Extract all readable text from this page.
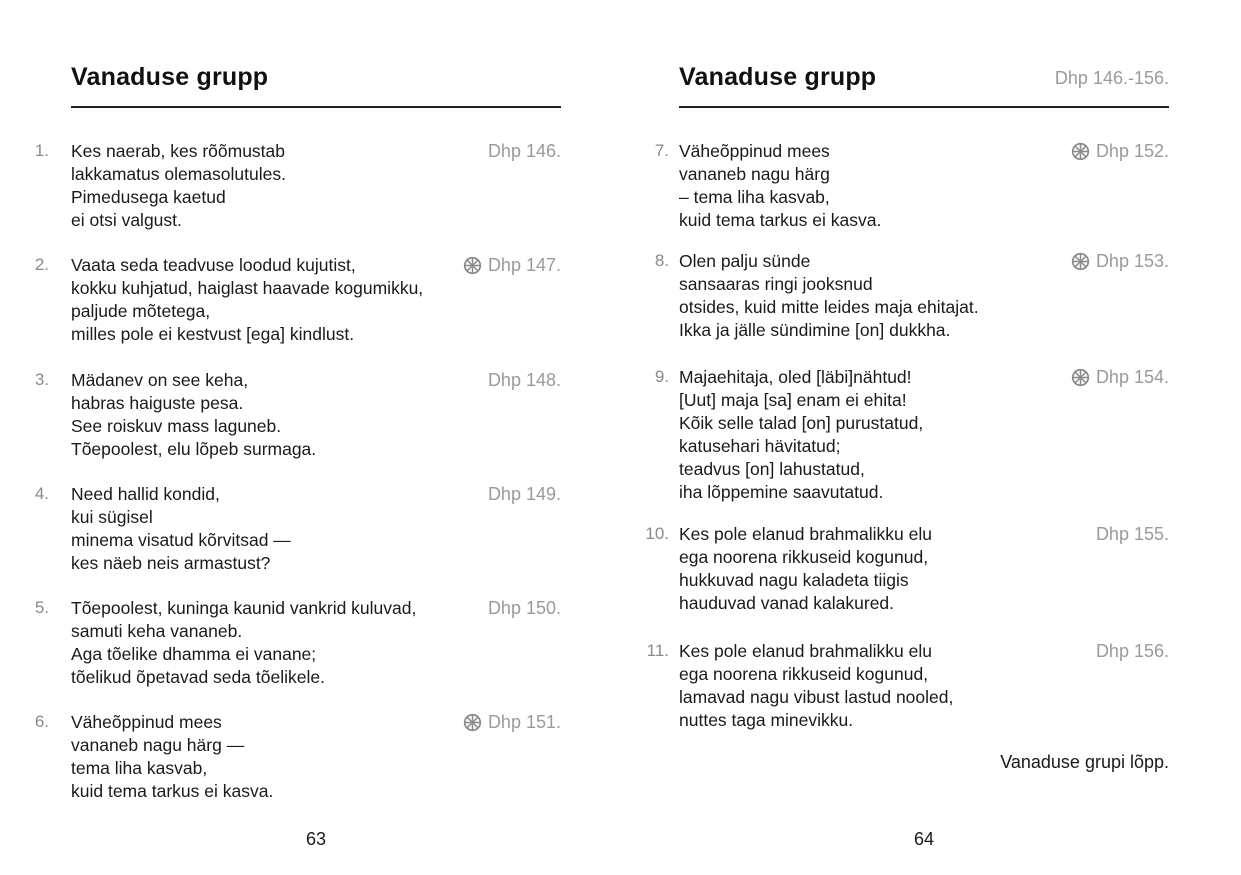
Vanaduse grupp
1. Kes naerab, kes rõõmustab
lakkamatus olemasolutules.
Pimedusega kaetud
ei otsi valgust.
Dhp 146.
2. Vaata seda teadvuse loodud kujutist,
kokku kuhjatud, haiglast haavade kogumikku,
paljude mõtetega,
milles pole ei kestvust [ega] kindlust.
Dhp 147.
3. Mädanev on see keha,
habras haiguste pesa.
See roiskuv mass laguneb.
Tõepoolest, elu lõpeb surmaga.
Dhp 148.
4. Need hallid kondid,
kui sügisel
minema visatud kõrvitsad —
kes näeb neis armastust?
Dhp 149.
5. Tõepoolest, kuninga kaunid vankrid kuluvad,
samuti keha vananeb.
Aga tõelike dhamma ei vanane;
tõelikud õpetavad seda tõelikele.
Dhp 150.
6. Väheõppinud mees
vananeb nagu härg —
tema liha kasvab,
kuid tema tarkus ei kasva.
Dhp 151.
63
Vanaduse grupp	Dhp 146.-156.
7. Väheõppinud mees
vananeb nagu härg
– tema liha kasvab,
kuid tema tarkus ei kasva.
Dhp 152.
8. Olen palju sünde
sansaaras ringi jooksnud
otsides, kuid mitte leides maja ehitajat.
Ikka ja jälle sündimine [on] dukkha.
Dhp 153.
9. Majaehitaja, oled [läbi]nähtud!
[Uut] maja [sa] enam ei ehita!
Kõik selle talad [on] purustatud,
katusehari hävitatud;
teadvus [on] lahustatud,
iha lõppemine saavutatud.
Dhp 154.
10. Kes pole elanud brahmalikku elu
ega noorena rikkuseid kogunud,
hukkuvad nagu kaladeta tiigis
hauduvad vanad kalakured.
Dhp 155.
11. Kes pole elanud brahmalikku elu
ega noorena rikkuseid kogunud,
lamavad nagu vibust lastud nooled,
nuttes taga minevikku.
Dhp 156.
Vanaduse grupi lõpp.
64
